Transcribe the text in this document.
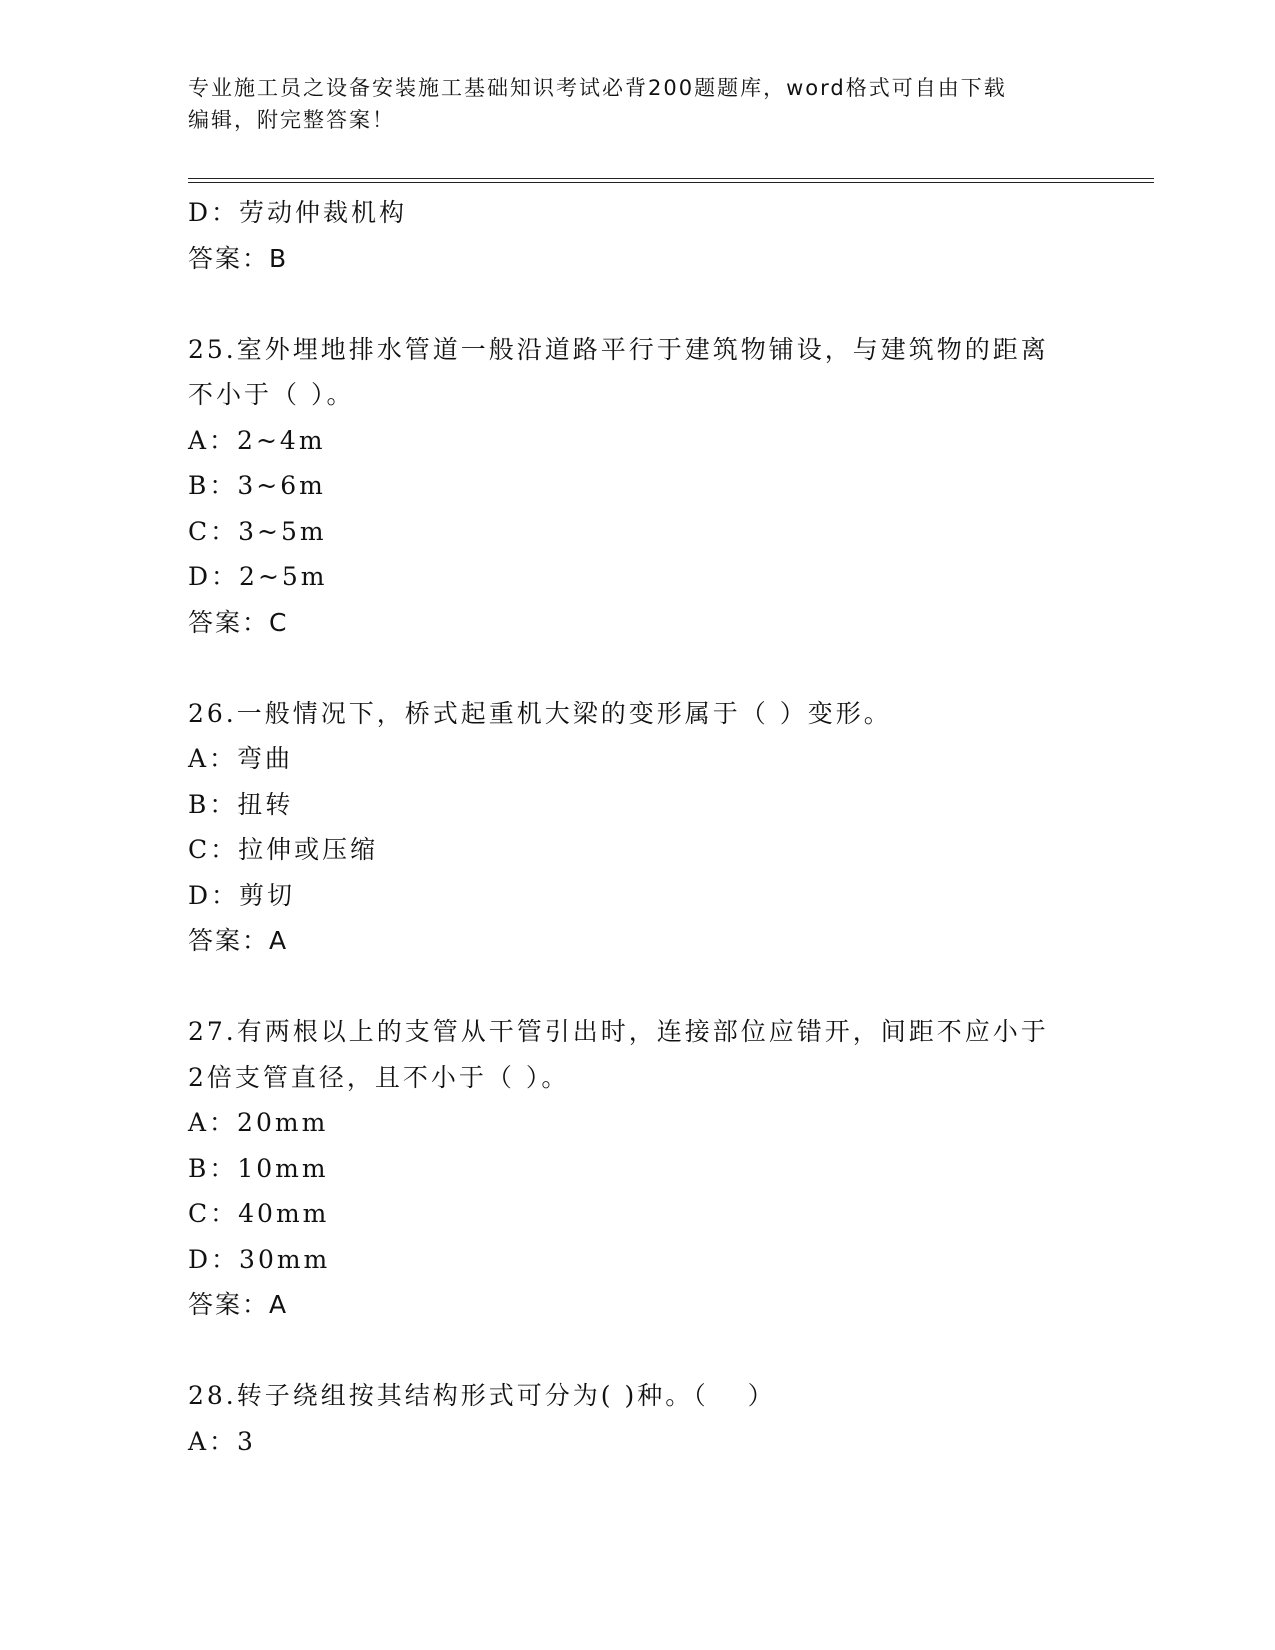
专业施工员之设备安装施工基础知识考试必背200题题库，word格式可自由下载
编辑，附完整答案！
D：劳动仲裁机构
答案：B
25.室外埋地排水管道一般沿道路平行于建筑物铺设，与建筑物的距离
不小于（ ）。
A：2~4m
B：3~6m
C：3~5m
D：2~5m
答案：C
26.一般情况下，桥式起重机大梁的变形属于（ ）变形。
A：弯曲
B：扭转
C：拉伸或压缩
D：剪切
答案：A
27.有两根以上的支管从干管引出时，连接部位应错开，间距不应小于
2倍支管直径，且不小于（ ）。
A：20mm
B：10mm
C：40mm
D：30mm
答案：A
28.转子绕组按其结构形式可分为( )种。（　 ）
A：3
